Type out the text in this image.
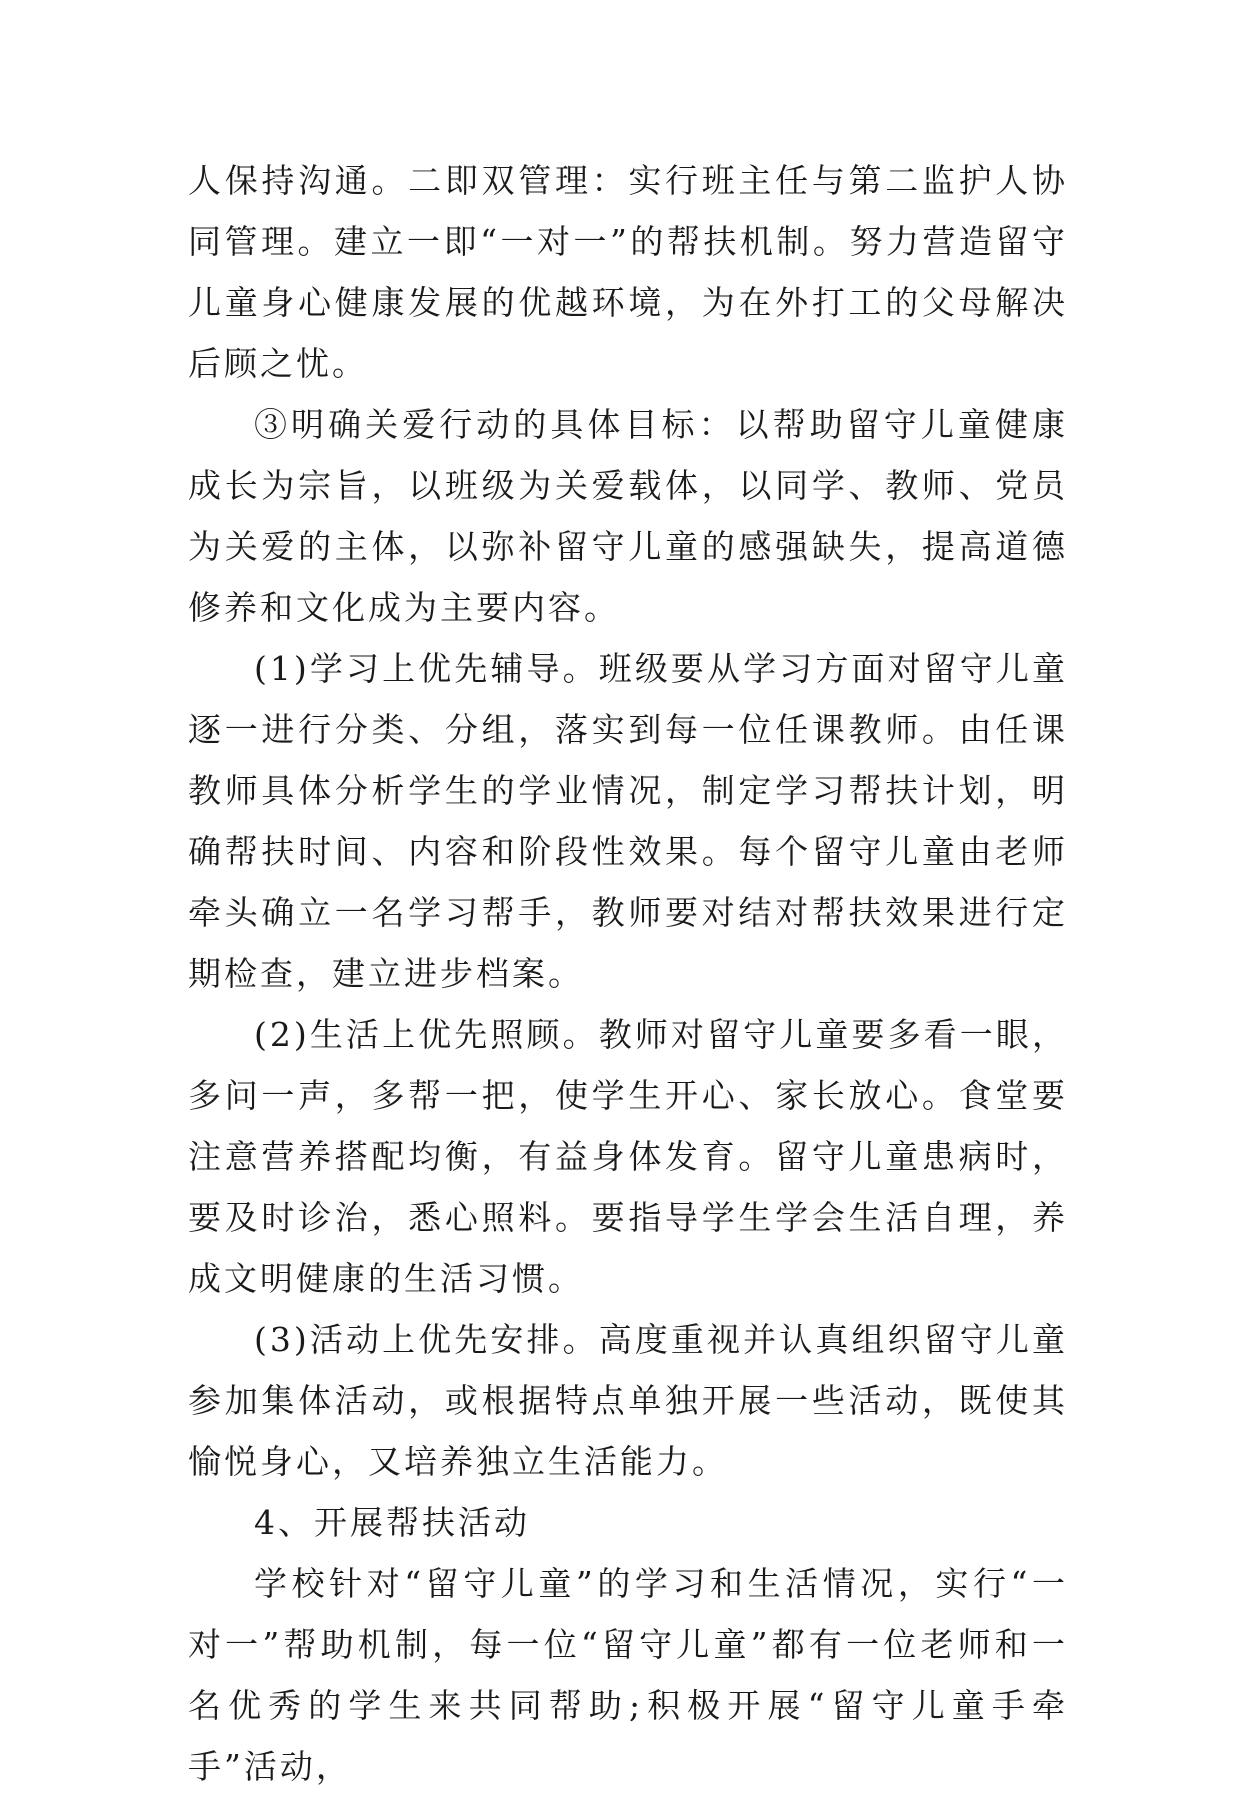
人保持沟通。二即双管理：实行班主任与第二监护人协同管理。建立一即“一对一”的帮扶机制。努力营造留守儿童身心健康发展的优越环境，为在外打工的父母解决后顾之忧。

③明确关爱行动的具体目标：以帮助留守儿童健康成长为宗旨，以班级为关爱载体，以同学、教师、党员为关爱的主体，以弥补留守儿童的感强缺失，提高道德修养和文化成为主要内容。

(1)学习上优先辅导。班级要从学习方面对留守儿童逐一进行分类、分组，落实到每一位任课教师。由任课教师具体分析学生的学业情况，制定学习帮扶计划，明确帮扶时间、内容和阶段性效果。每个留守儿童由老师牵头确立一名学习帮手，教师要对结对帮扶效果进行定期检查，建立进步档案。

(2)生活上优先照顾。教师对留守儿童要多看一眼，多问一声，多帮一把，使学生开心、家长放心。食堂要注意营养搭配均衡，有益身体发育。留守儿童患病时，要及时诊治，悉心照料。要指导学生学会生活自理，养成文明健康的生活习惯。

(3)活动上优先安排。高度重视并认真组织留守儿童参加集体活动，或根据特点单独开展一些活动，既使其愉悦身心，又培养独立生活能力。

4、开展帮扶活动

学校针对“留守儿童”的学习和生活情况，实行“一对一”帮助机制，每一位“留守儿童”都有一位老师和一名优秀的学生来共同帮助;积极开展“留守儿童手牵手”活动，
